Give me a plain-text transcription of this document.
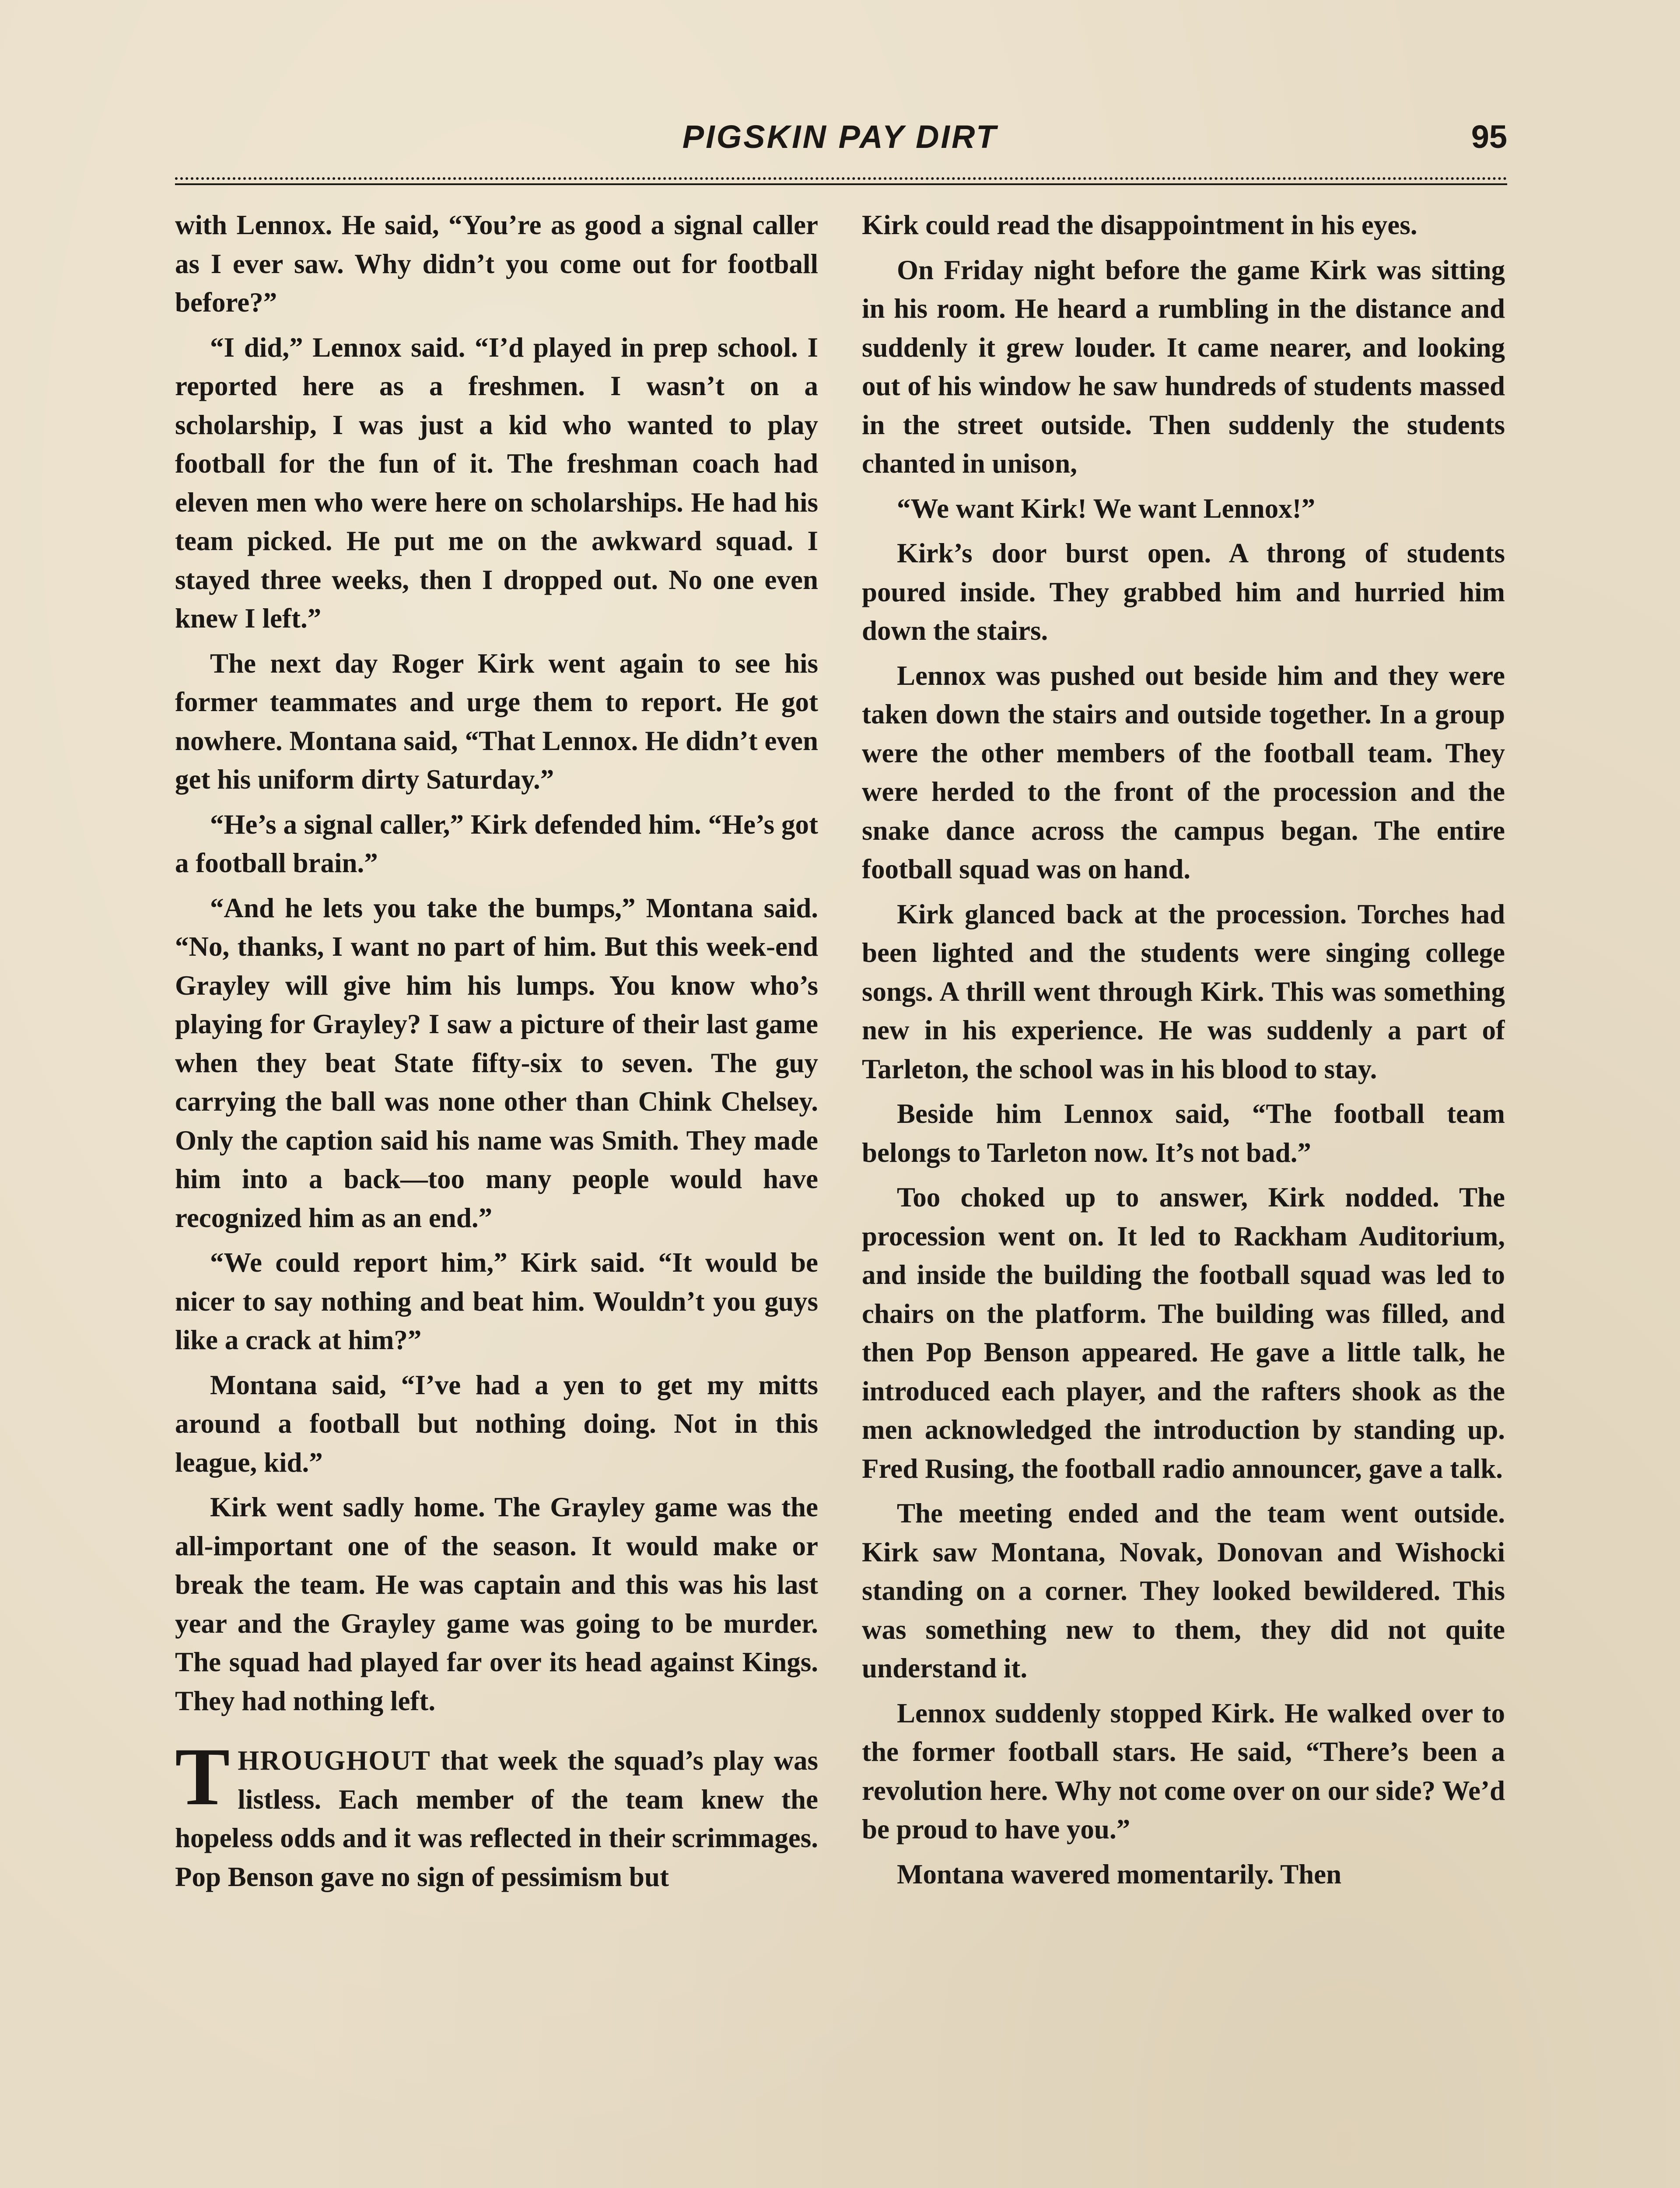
PIGSKIN PAY DIRT	95

with Lennox. He said, “You’re as good a signal caller as I ever saw. Why didn’t you come out for football before?”

“I did,” Lennox said. “I’d played in prep school. I reported here as a freshmen. I wasn’t on a scholarship, I was just a kid who wanted to play football for the fun of it. The freshman coach had eleven men who were here on scholarships. He had his team picked. He put me on the awkward squad. I stayed three weeks, then I dropped out. No one even knew I left.”

The next day Roger Kirk went again to see his former teammates and urge them to report. He got nowhere. Montana said, “That Lennox. He didn’t even get his uniform dirty Saturday.”

“He’s a signal caller,” Kirk defended him. “He’s got a football brain.”

“And he lets you take the bumps,” Montana said. “No, thanks, I want no part of him. But this week-end Grayley will give him his lumps. You know who’s playing for Grayley? I saw a picture of their last game when they beat State fifty-six to seven. The guy carrying the ball was none other than Chink Chelsey. Only the caption said his name was Smith. They made him into a back—too many people would have recognized him as an end.”

“We could report him,” Kirk said. “It would be nicer to say nothing and beat him. Wouldn’t you guys like a crack at him?”

Montana said, “I’ve had a yen to get my mitts around a football but nothing doing. Not in this league, kid.”

Kirk went sadly home. The Grayley game was the all-important one of the season. It would make or break the team. He was captain and this was his last year and the Grayley game was going to be murder. The squad had played far over its head against Kings. They had nothing left.

THROUGHOUT that week the squad’s play was listless. Each member of the team knew the hopeless odds and it was reflected in their scrimmages. Pop Benson gave no sign of pessimism but

Kirk could read the disappointment in his eyes.

On Friday night before the game Kirk was sitting in his room. He heard a rumbling in the distance and suddenly it grew louder. It came nearer, and looking out of his window he saw hundreds of students massed in the street outside. Then suddenly the students chanted in unison,

“We want Kirk! We want Lennox!”

Kirk’s door burst open. A throng of students poured inside. They grabbed him and hurried him down the stairs.

Lennox was pushed out beside him and they were taken down the stairs and outside together. In a group were the other members of the football team. They were herded to the front of the procession and the snake dance across the campus began. The entire football squad was on hand.

Kirk glanced back at the procession. Torches had been lighted and the students were singing college songs. A thrill went through Kirk. This was something new in his experience. He was suddenly a part of Tarleton, the school was in his blood to stay.

Beside him Lennox said, “The football team belongs to Tarleton now. It’s not bad.”

Too choked up to answer, Kirk nodded. The procession went on. It led to Rackham Auditorium, and inside the building the football squad was led to chairs on the platform. The building was filled, and then Pop Benson appeared. He gave a little talk, he introduced each player, and the rafters shook as the men acknowledged the introduction by standing up. Fred Rusing, the football radio announcer, gave a talk.

The meeting ended and the team went outside. Kirk saw Montana, Novak, Donovan and Wishocki standing on a corner. They looked bewildered. This was something new to them, they did not quite understand it.

Lennox suddenly stopped Kirk. He walked over to the former football stars. He said, “There’s been a revolution here. Why not come over on our side? We’d be proud to have you.”

Montana wavered momentarily. Then
